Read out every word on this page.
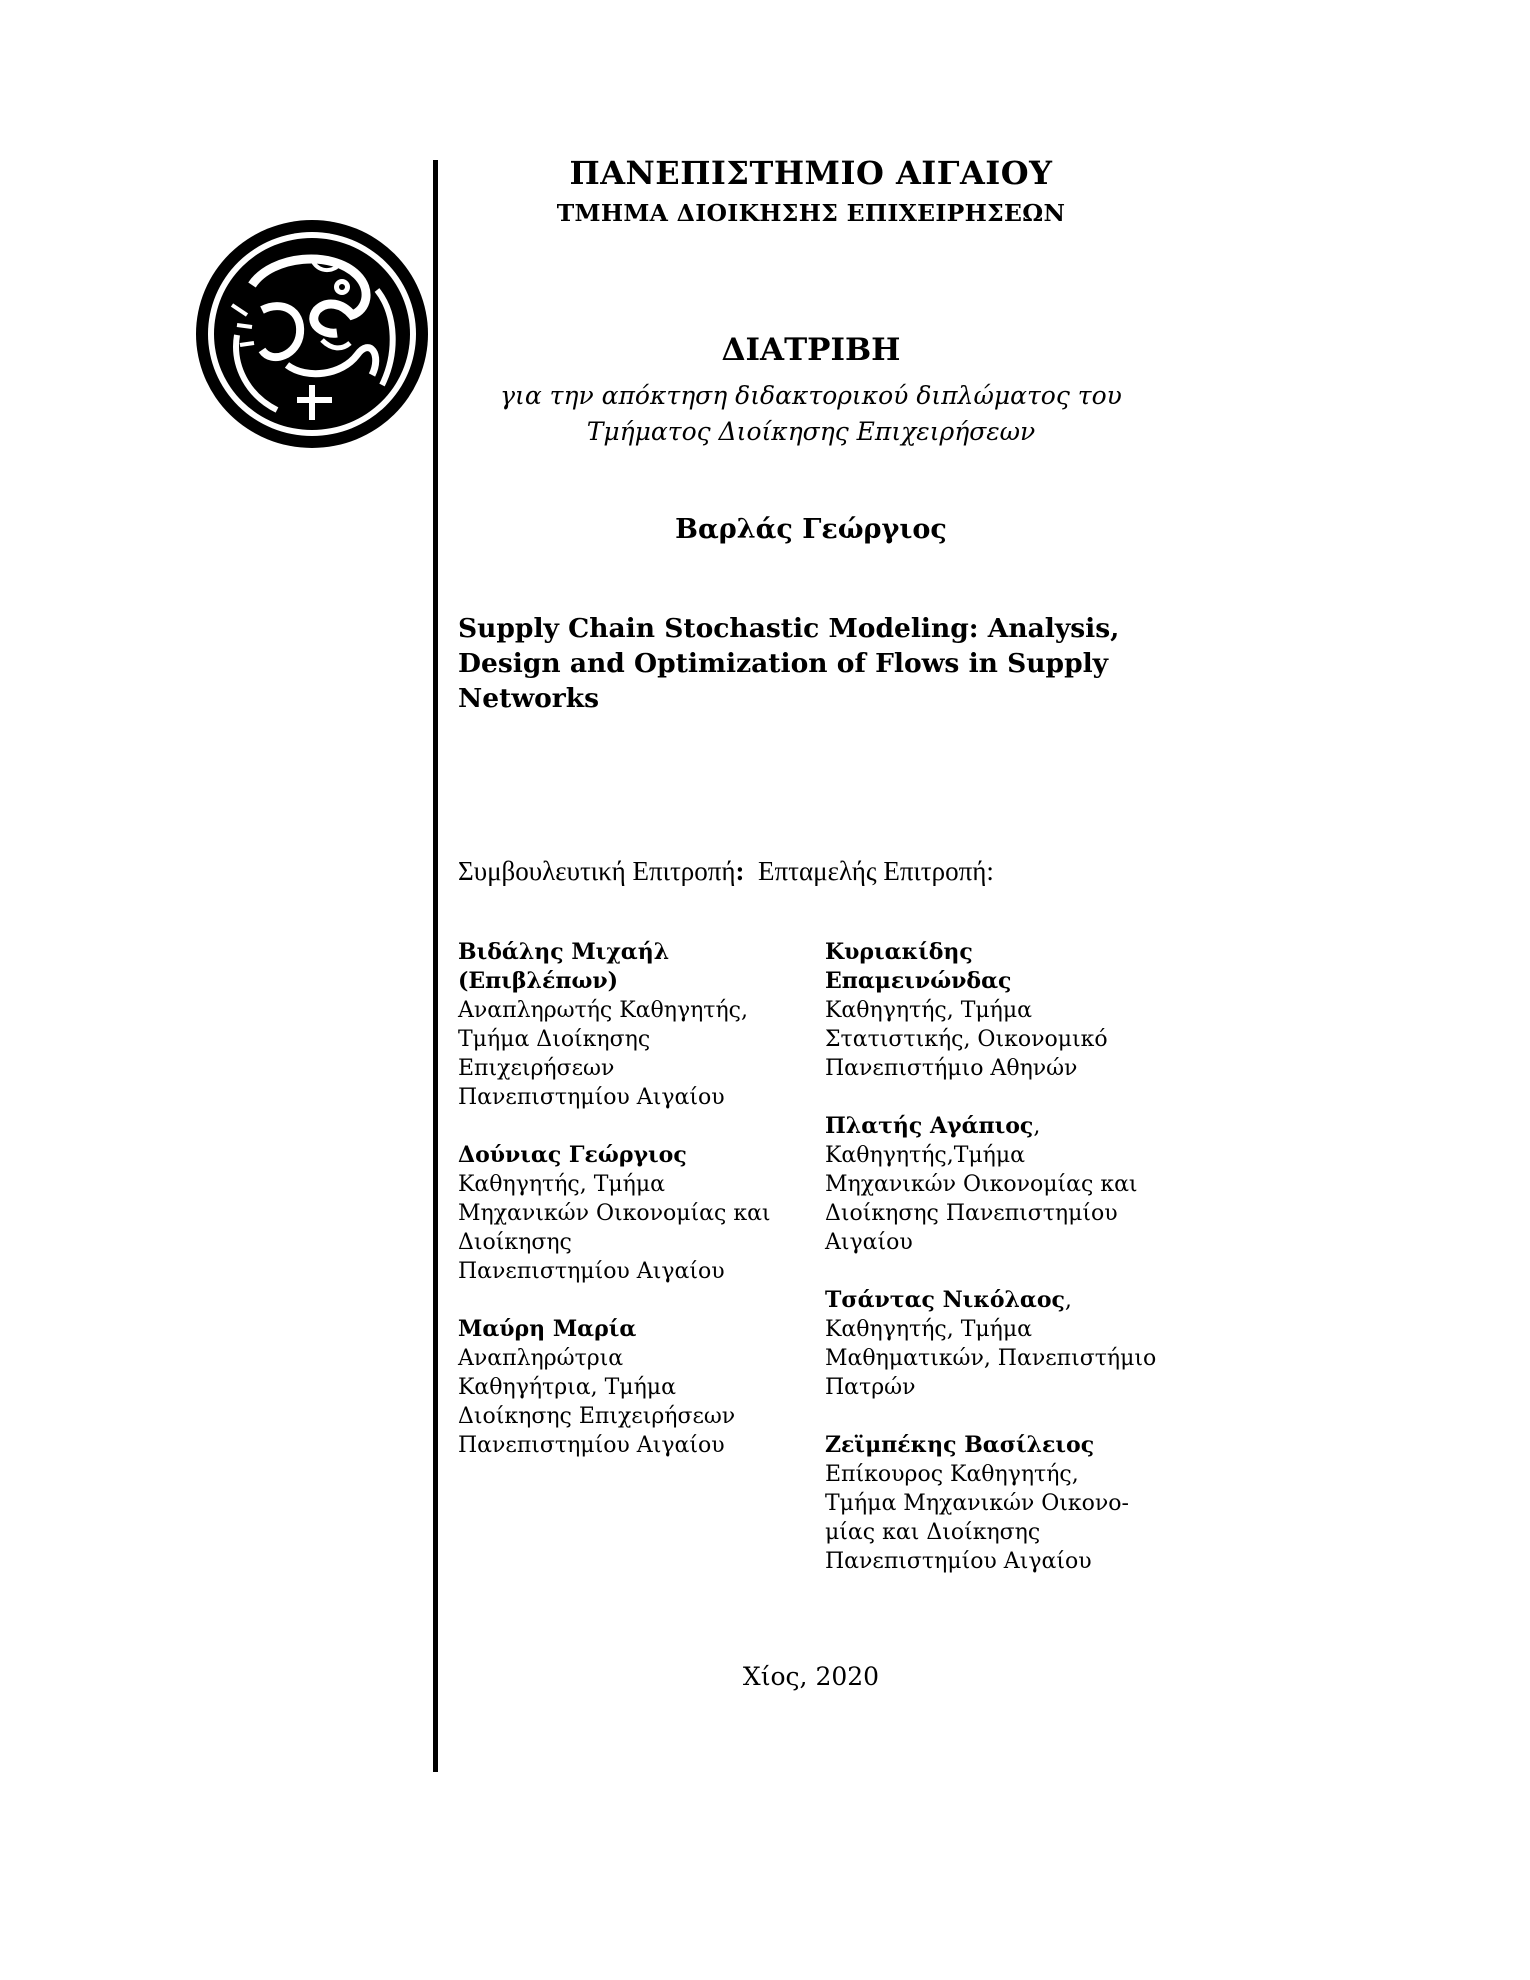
ΠΑΝΕΠΙΣΤΗΜΙΟ ΑΙΓΑΙΟΥ
ΤΜΗΜΑ ΔΙΟΙΚΗΣΗΣ ΕΠΙΧΕΙΡΗΣΕΩΝ
ΔΙΑΤΡΙΒΗ
για την απόκτηση διδακτορικού διπλώματος του
Τμήματος Διοίκησης Επιχειρήσεων
Βαρλάς Γεώργιος
Supply Chain Stochastic Modeling: Analysis,
Design and Optimization of Flows in Supply
Networks
Συμβουλευτική Επιτροπή: Επταμελής Επιτροπή:
Βιδάλης Μιχαήλ
(Επιβλέπων)
Αναπληρωτής Καθηγητής,
Τμήμα Διοίκησης
Επιχειρήσεων
Πανεπιστημίου Αιγαίου
Δούνιας Γεώργιος
Καθηγητής, Τμήμα
Μηχανικών Οικονομίας και
Διοίκησης
Πανεπιστημίου Αιγαίου
Μαύρη Μαρία
Αναπληρώτρια
Καθηγήτρια, Τμήμα
Διοίκησης Επιχειρήσεων
Πανεπιστημίου Αιγαίου
Κυριακίδης
Επαμεινώνδας
Καθηγητής, Τμήμα
Στατιστικής, Οικονομικό
Πανεπιστήμιο Αθηνών
Πλατής Αγάπιος,
Καθηγητής,Τμήμα
Μηχανικών Οικονομίας και
Διοίκησης Πανεπιστημίου
Αιγαίου
Τσάντας Νικόλαος,
Καθηγητής, Τμήμα
Μαθηματικών, Πανεπιστήμιο
Πατρών
Ζεϊμπέκης Βασίλειος
Επίκουρος Καθηγητής,
Τμήμα Μηχανικών Οικονο-
μίας και Διοίκησης
Πανεπιστημίου Αιγαίου
Χίος, 2020
